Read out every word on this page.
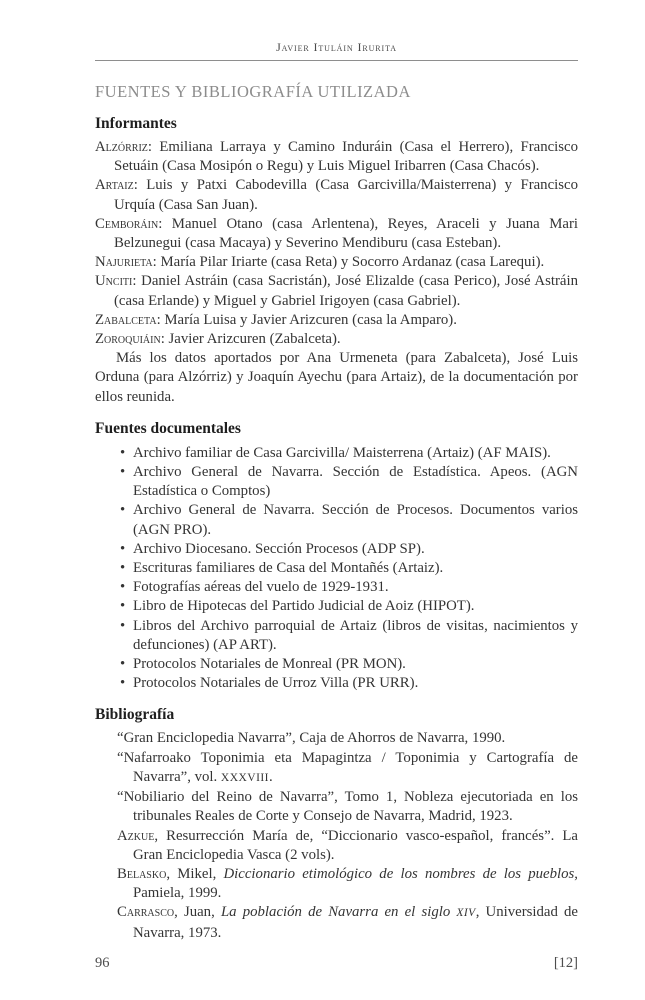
Javier Ituláin Irurita
FUENTES Y BIBLIOGRAFÍA UTILIZADA
Informantes

Alzórriz: Emiliana Larraya y Camino Induráin (Casa el Herrero), Francisco Setuáin (Casa Mosipón o Regu) y Luis Miguel Iribarren (Casa Chacós).

Artaiz: Luis y Patxi Cabodevilla (Casa Garcivilla/Maisterrena) y Francisco Urquía (Casa San Juan).

Cemboráin: Manuel Otano (casa Arlentena), Reyes, Araceli y Juana Mari Belzunegui (casa Macaya) y Severino Mendiburu (casa Esteban).

Najurieta: María Pilar Iriarte (casa Reta) y Socorro Ardanaz (casa Larequi).

Unciti: Daniel Astráin (casa Sacristán), José Elizalde (casa Perico), José Astráin (casa Erlande) y Miguel y Gabriel Irigoyen (casa Gabriel).

Zabalceta: María Luisa y Javier Arizcuren (casa la Amparo).

Zoroquiáin: Javier Arizcuren (Zabalceta).

Más los datos aportados por Ana Urmeneta (para Zabalceta), José Luis Orduna (para Alzórriz) y Joaquín Ayechu (para Artaiz), de la documentación por ellos reunida.

Fuentes documentales
• Archivo familiar de Casa Garcivilla/ Maisterrena (Artaiz) (AF MAIS).
• Archivo General de Navarra. Sección de Estadística. Apeos. (AGN Estadística o Comptos)
• Archivo General de Navarra. Sección de Procesos. Documentos varios (AGN PRO).
• Archivo Diocesano. Sección Procesos (ADP SP).
• Escrituras familiares de Casa del Montañés (Artaiz).
• Fotografías aéreas del vuelo de 1929-1931.
• Libro de Hipotecas del Partido Judicial de Aoiz (HIPOT).
• Libros del Archivo parroquial de Artaiz (libros de visitas, nacimientos y defunciones) (AP ART).
• Protocolos Notariales de Monreal (PR MON).
• Protocolos Notariales de Urroz Villa (PR URR).
Bibliografía

“Gran Enciclopedia Navarra”, Caja de Ahorros de Navarra, 1990.

“Nafarroako Toponimia eta Mapagintza / Toponimia y Cartografía de Navarra”, vol. XXXVIII.

“Nobiliario del Reino de Navarra”, Tomo 1, Nobleza ejecutoriada en los tribunales Reales de Corte y Consejo de Navarra, Madrid, 1923.

Azkue, Resurrección María de, “Diccionario vasco-español, francés”. La Gran Enciclopedia Vasca (2 vols).

Belasko, Mikel, Diccionario etimológico de los nombres de los pueblos, Pamiela, 1999.

Carrasco, Juan, La población de Navarra en el siglo XIV, Universidad de Navarra, 1973.

96	[12]
